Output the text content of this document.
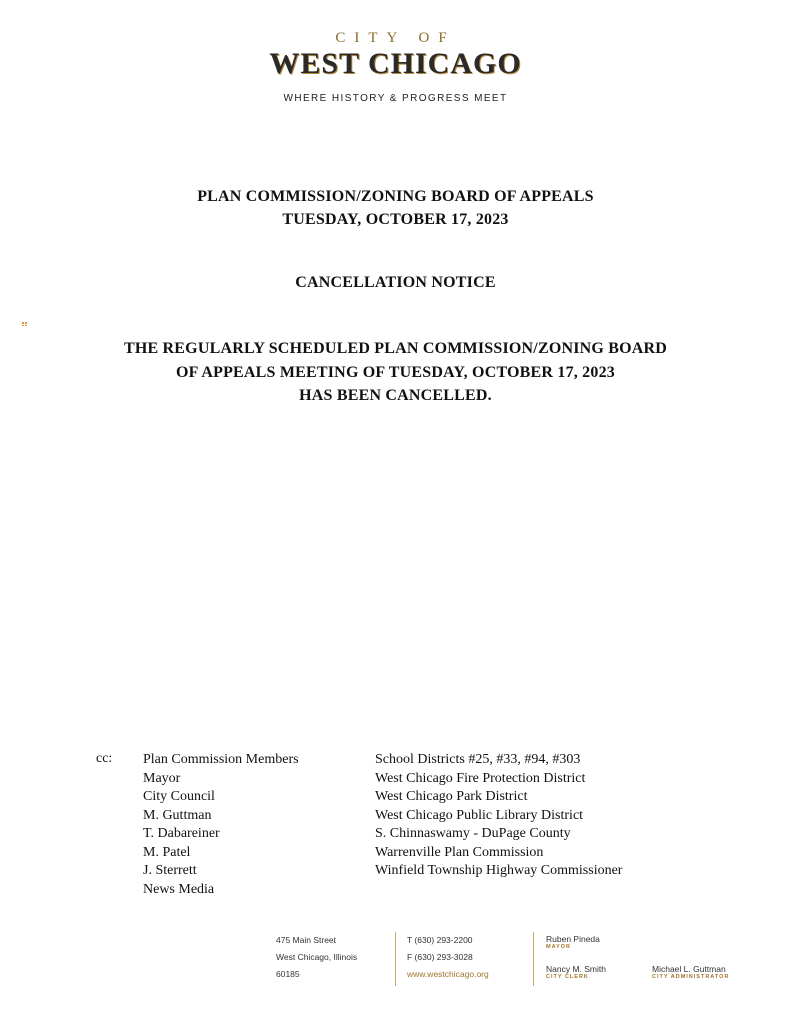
CITY OF
WEST CHICAGO
WHERE HISTORY & PROGRESS MEET
PLAN COMMISSION/ZONING BOARD OF APPEALS
TUESDAY, OCTOBER 17, 2023
CANCELLATION NOTICE
THE REGULARLY SCHEDULED PLAN COMMISSION/ZONING BOARD
OF APPEALS MEETING OF TUESDAY, OCTOBER 17, 2023
HAS BEEN CANCELLED.
cc: Plan Commission Members
Mayor
City Council
M. Guttman
T. Dabareiner
M. Patel
J. Sterrett
News Media
School Districts #25, #33, #94, #303
West Chicago Fire Protection District
West Chicago Park District
West Chicago Public Library District
S. Chinnaswamy - DuPage County
Warrenville Plan Commission
Winfield Township Highway Commissioner
475 Main Street
West Chicago, Illinois
60185
T (630) 293-2200
F (630) 293-3028
www.westchicago.org
Ruben Pineda
MAYOR
Nancy M. Smith
CITY CLERK
Michael L. Guttman
CITY ADMINISTRATOR
